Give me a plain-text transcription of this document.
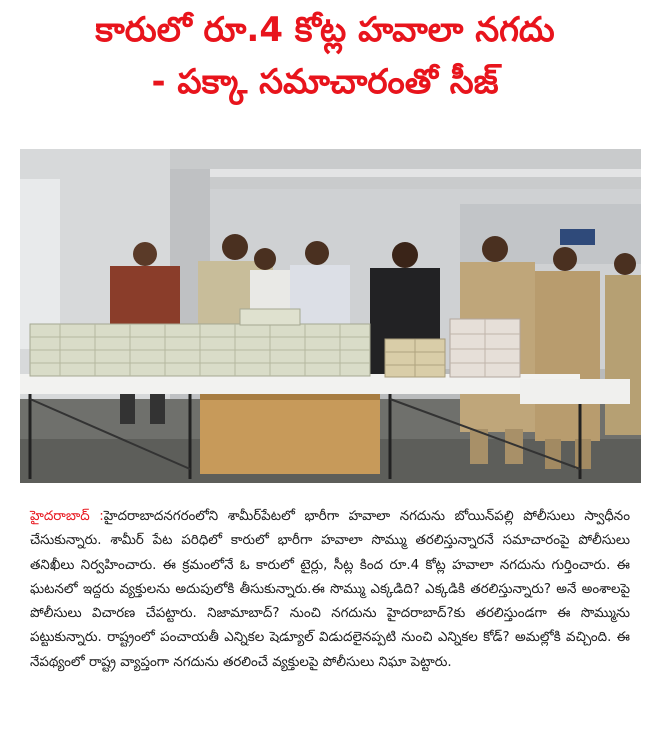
కారులో రూ.4 కోట్ల హవాలా నగదు
- పక్కా సమాచారంతో సీజ్
హైదరాబాద్ :హైదరాబాదనగరంలోని శామీర్‌పేటలో భారీగా హవాలా నగదును బోయిన్‌పల్లి పోలీసులు స్వాధీనం చేసుకున్నారు. శామీర్ పేట పరిధిలో కారులో భారీగా హవాలా సొమ్ము తరలిస్తున్నారనే సమాచారంపై పోలీసులు తనిఖీలు నిర్వహించారు. ఈ క్రమంలోనే ఓ కారులో టైర్లు, సీట్ల కింద రూ.4 కోట్ల హవాలా నగదును గుర్తించారు. ఈ ఘటనలో ఇద్దరు వ్యక్తులను అదుపులోకి తీసుకున్నారు.ఈ సొమ్ము ఎక్కడిది? ఎక్కడికి తరలిస్తున్నారు? అనే అంశాలపై పోలీసులు విచారణ చేపట్టారు. నిజామాబాద్? నుంచి నగదును హైదరాబాద్?కు తరలిస్తుండగా ఈ సొమ్మును పట్టుకున్నారు. రాష్ట్రంలో పంచాయతీ ఎన్నికల షెడ్యూల్ విడుదలైనప్పటి నుంచి ఎన్నికల కోడ్? అమల్లోకి వచ్చింది. ఈ నేపథ్యంలో రాష్ట్ర వ్యాప్తంగా నగదును తరలించే వ్యక్తులపై పోలీసులు నిఘా పెట్టారు.
